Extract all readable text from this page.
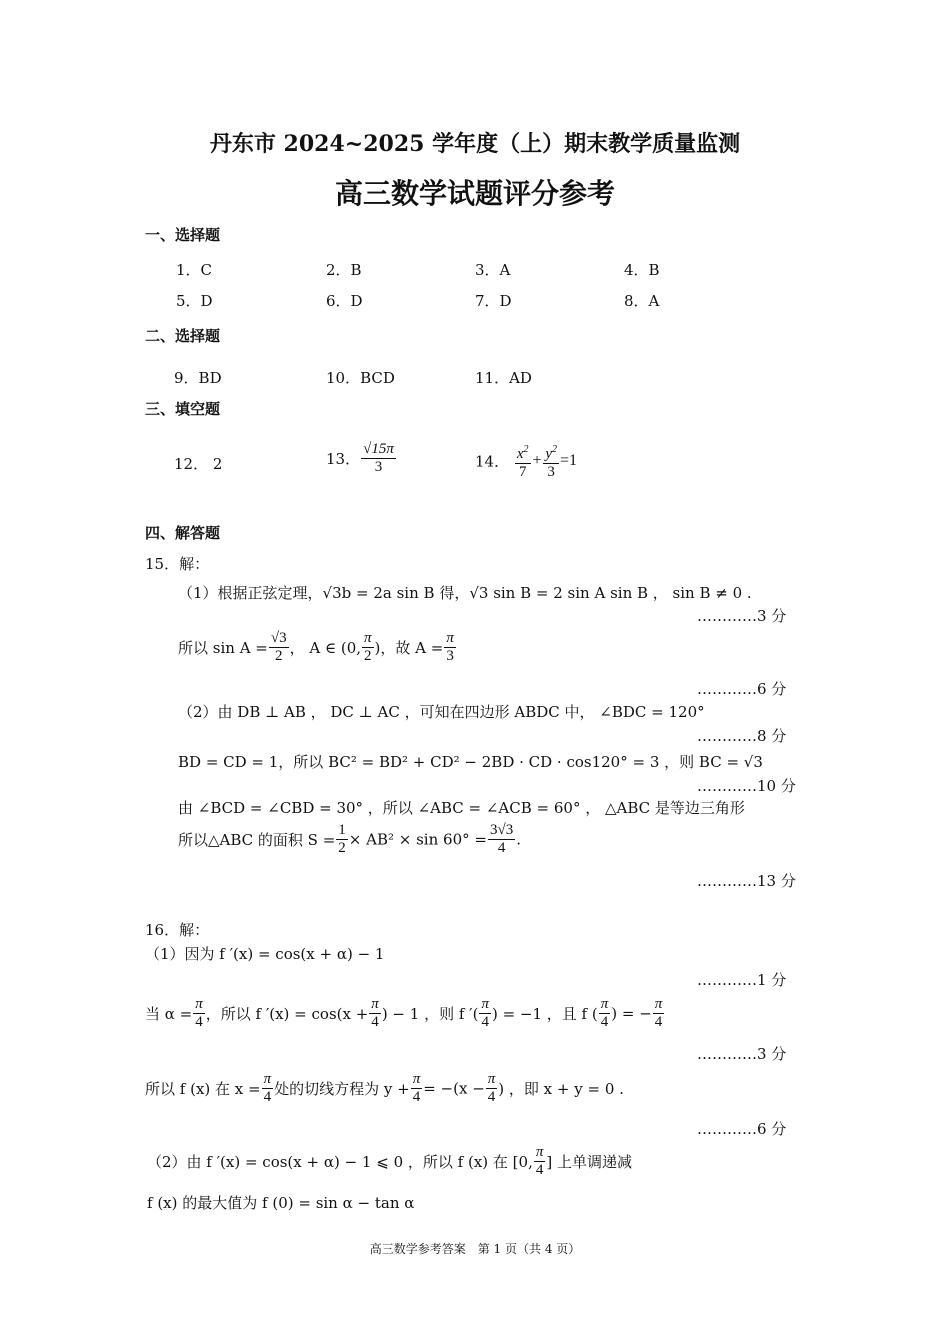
丹东市 2024~2025 学年度（上）期末教学质量监测
高三数学试题评分参考
一、选择题
1．C	2．B	3．A	4．B
5．D	6．D	7．D	8．A
二、选择题
9．BD	10．BCD	11．AD
三、填空题
12． 2	13． $\frac{√15\pi}{3}$	14． $\frac{x^2}{7} + \frac{y^2}{3} =1$
四、解答题
15．解：
（1）根据正弦定理，√3b = 2a sin B 得，√3 sin B = 2 sin A sin B ， sin B ≠ 0 .
…………3 分
所以 $\sin A = \frac{√3}{2}$ ， A ∈ (0, $\frac{\pi}{2}$ )，故 $A = \frac{\pi}{3}$
…………6 分
（2）由 DB ⊥ AB ， DC ⊥ AC ，可知在四边形 ABDC 中， ∠BDC = 120°
…………8 分
BD = CD = 1，所以 BC² = BD² + CD² − 2BD · CD · cos120° = 3 ，则 BC = √3
…………10 分
由 ∠BCD = ∠CBD = 30° ，所以 ∠ABC = ∠ACB = 60° ， △ABC 是等边三角形
所以△ABC 的面积 $S = \frac{1}{2} \times AB^2 \times \sin 60^\circ = \frac{3√3}{4}$ .
…………13 分
16．解：
（1）因为 f ′(x) = cos(x + α) − 1
…………1 分
当 $\alpha = \frac{\pi}{4}$ ，所以 f $'(x) = \cos(x + \frac{\pi}{4}$ ) − 1 ，则 f ′( $\frac{\pi}{4}$ ) = −1 ，且 f ( $\frac{\pi}{4}$ ) = − $\frac{\pi}{4}$
…………3 分
所以 f (x) 在 $x = \frac{\pi}{4}$ 处的切线方程为 $y + \frac{\pi}{4} = -(x - \frac{\pi}{4}$ ) ，即 x + y = 0 .
…………6 分
（2）由 f ′(x) = cos(x + α) − 1 ⩽ 0 ，所以 f (x) 在 [0, $\frac{\pi}{4}$ ] 上单调递减
f (x) 的最大值为 f (0) = sin α − tan α
高三数学参考答案　第 1 页（共 4 页）
